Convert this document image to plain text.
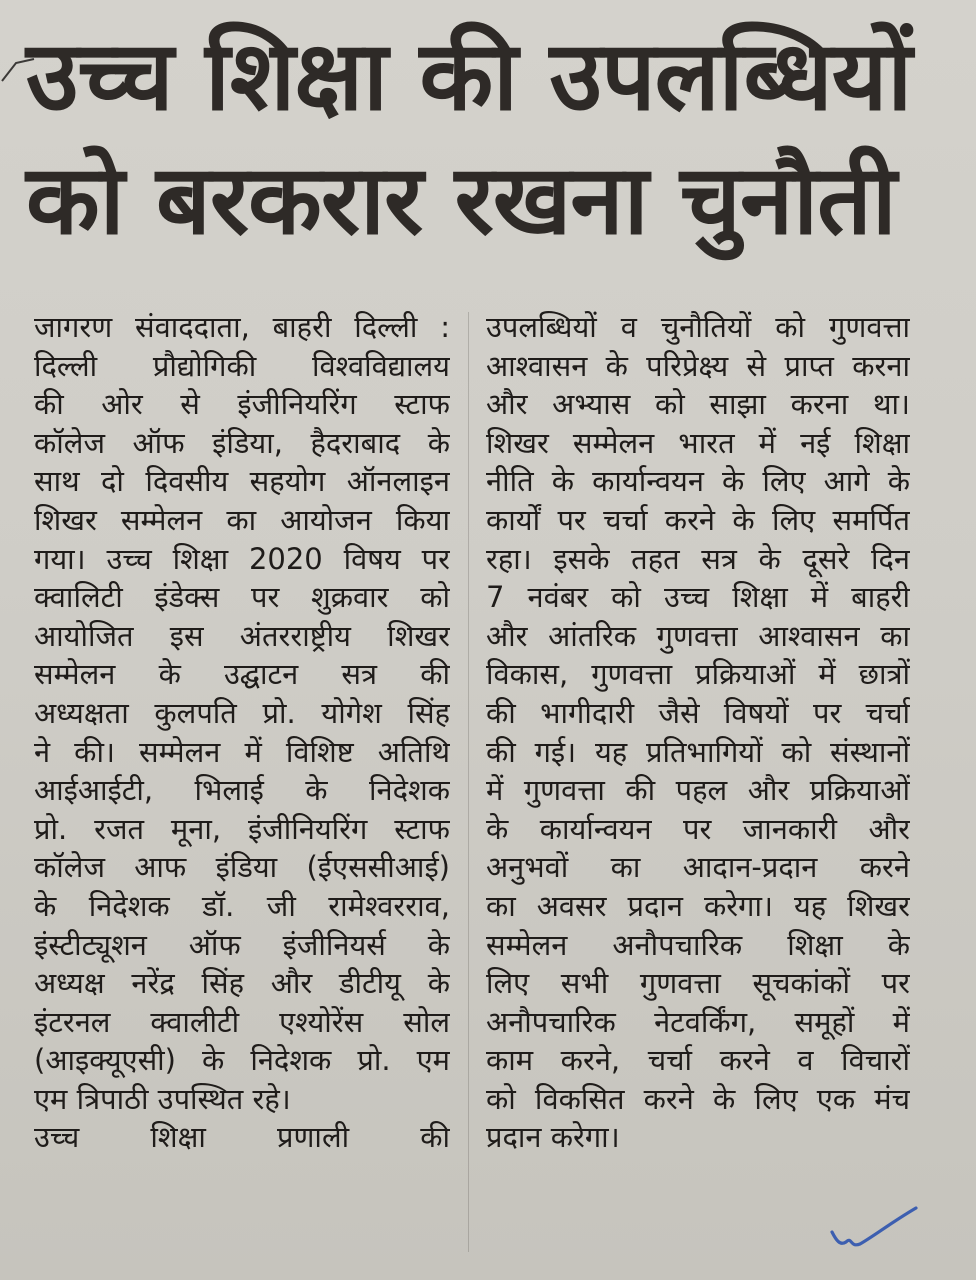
उच्च शिक्षा की उपलब्धियों
को बरकरार रखना चुनौती
जागरण संवाददाता, बाहरी दिल्ली :
दिल्ली प्रौद्योगिकी विश्वविद्यालय
की ओर से इंजीनियरिंग स्टाफ
कॉलेज ऑफ इंडिया, हैदराबाद के
साथ दो दिवसीय सहयोग ऑनलाइन
शिखर सम्मेलन का आयोजन किया
गया। उच्च शिक्षा 2020 विषय पर
क्वालिटी इंडेक्स पर शुक्रवार को
आयोजित इस अंतरराष्ट्रीय शिखर
सम्मेलन के उद्घाटन सत्र की
अध्यक्षता कुलपति प्रो. योगेश सिंह
ने की। सम्मेलन में विशिष्ट अतिथि
आईआईटी, भिलाई के निदेशक
प्रो. रजत मूना, इंजीनियरिंग स्टाफ
कॉलेज आफ इंडिया (ईएससीआई)
के निदेशक डॉ. जी रामेश्वरराव,
इंस्टीट्यूशन ऑफ इंजीनियर्स के
अध्यक्ष नरेंद्र सिंह और डीटीयू के
इंटरनल क्वालीटी एश्योरेंस सोल
(आइक्यूएसी) के निदेशक प्रो. एम
एम त्रिपाठी उपस्थित रहे।
उच्च शिक्षा प्रणाली की
उपलब्धियों व चुनौतियों को गुणवत्ता
आश्वासन के परिप्रेक्ष्य से प्राप्त करना
और अभ्यास को साझा करना था।
शिखर सम्मेलन भारत में नई शिक्षा
नीति के कार्यान्वयन के लिए आगे के
कार्यों पर चर्चा करने के लिए समर्पित
रहा। इसके तहत सत्र के दूसरे दिन
7 नवंबर को उच्च शिक्षा में बाहरी
और आंतरिक गुणवत्ता आश्वासन का
विकास, गुणवत्ता प्रक्रियाओं में छात्रों
की भागीदारी जैसे विषयों पर चर्चा
की गई। यह प्रतिभागियों को संस्थानों
में गुणवत्ता की पहल और प्रक्रियाओं
के कार्यान्वयन पर जानकारी और
अनुभवों का आदान-प्रदान करने
का अवसर प्रदान करेगा। यह शिखर
सम्मेलन अनौपचारिक शिक्षा के
लिए सभी गुणवत्ता सूचकांकों पर
अनौपचारिक नेटवर्किंग, समूहों में
काम करने, चर्चा करने व विचारों
को विकसित करने के लिए एक मंच
प्रदान करेगा।
